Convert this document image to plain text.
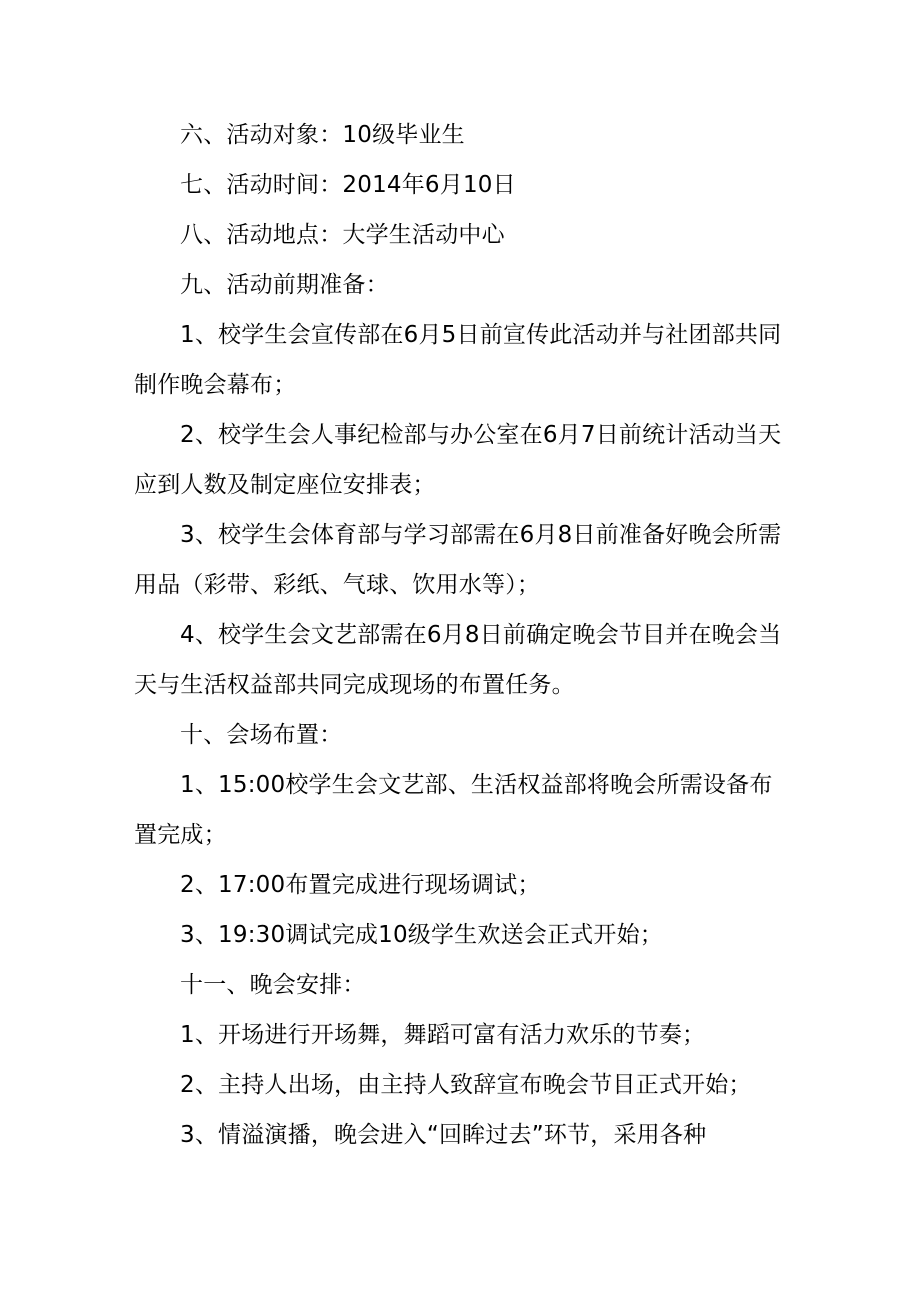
六、活动对象：10级毕业生

七、活动时间：2014年6月10日

八、活动地点：大学生活动中心

九、活动前期准备：

1、校学生会宣传部在6月5日前宣传此活动并与社团部共同制作晚会幕布；

2、校学生会人事纪检部与办公室在6月7日前统计活动当天应到人数及制定座位安排表；

3、校学生会体育部与学习部需在6月8日前准备好晚会所需用品（彩带、彩纸、气球、饮用水等）；

4、校学生会文艺部需在6月8日前确定晚会节目并在晚会当天与生活权益部共同完成现场的布置任务。

十、会场布置：

1、15:00校学生会文艺部、生活权益部将晚会所需设备布置完成；

2、17:00布置完成进行现场调试；

3、19:30调试完成10级学生欢送会正式开始；

十一、晚会安排：

1、开场进行开场舞，舞蹈可富有活力欢乐的节奏；

2、主持人出场，由主持人致辞宣布晚会节目正式开始；

3、情溢演播，晚会进入“回眸过去”环节，采用各种
